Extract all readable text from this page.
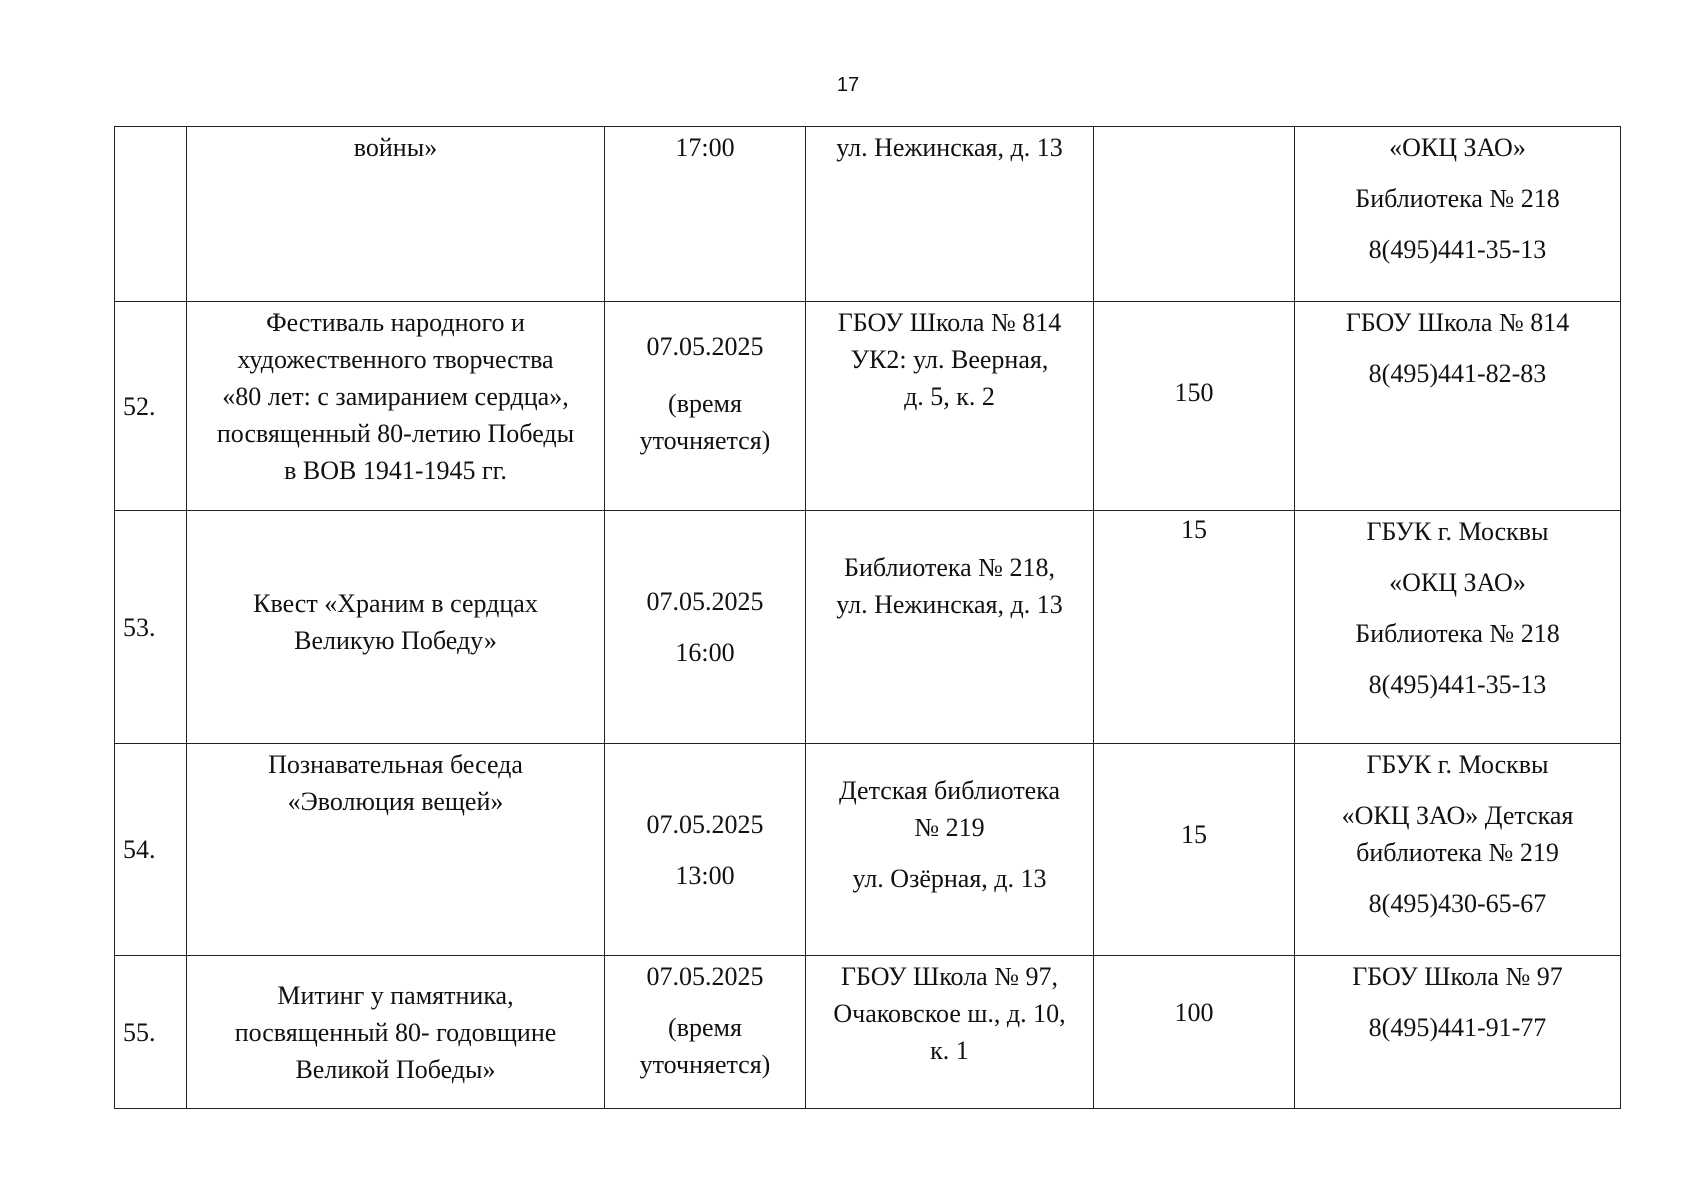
17

	войны»	17:00	ул. Нежинская, д. 13		«ОКЦ ЗАО»
Библиотека № 218
8(495)441-35-13

52.	Фестиваль народного и
художественного творчества
«80 лет: с замиранием сердца»,
посвященный 80-летию Победы
в ВОВ 1941-1945 гг.	07.05.2025
(время
уточняется)	ГБОУ Школа № 814
УК2: ул. Веерная,
д. 5, к. 2	150	ГБОУ Школа № 814
8(495)441-82-83

53.	Квест «Храним в сердцах
Великую Победу»	07.05.2025
16:00	Библиотека № 218,
ул. Нежинская, д. 13	15	ГБУК г. Москвы
«ОКЦ ЗАО»
Библиотека № 218
8(495)441-35-13

54.	Познавательная беседа
«Эволюция вещей»	07.05.2025
13:00	Детская библиотека
№ 219
ул. Озёрная, д. 13	15	ГБУК г. Москвы
«ОКЦ ЗАО» Детская
библиотека № 219
8(495)430-65-67

55.	Митинг у памятника,
посвященный 80- годовщине
Великой Победы»	07.05.2025
(время
уточняется)	ГБОУ Школа № 97,
Очаковское ш., д. 10,
к. 1	100	ГБОУ Школа № 97
8(495)441-91-77
